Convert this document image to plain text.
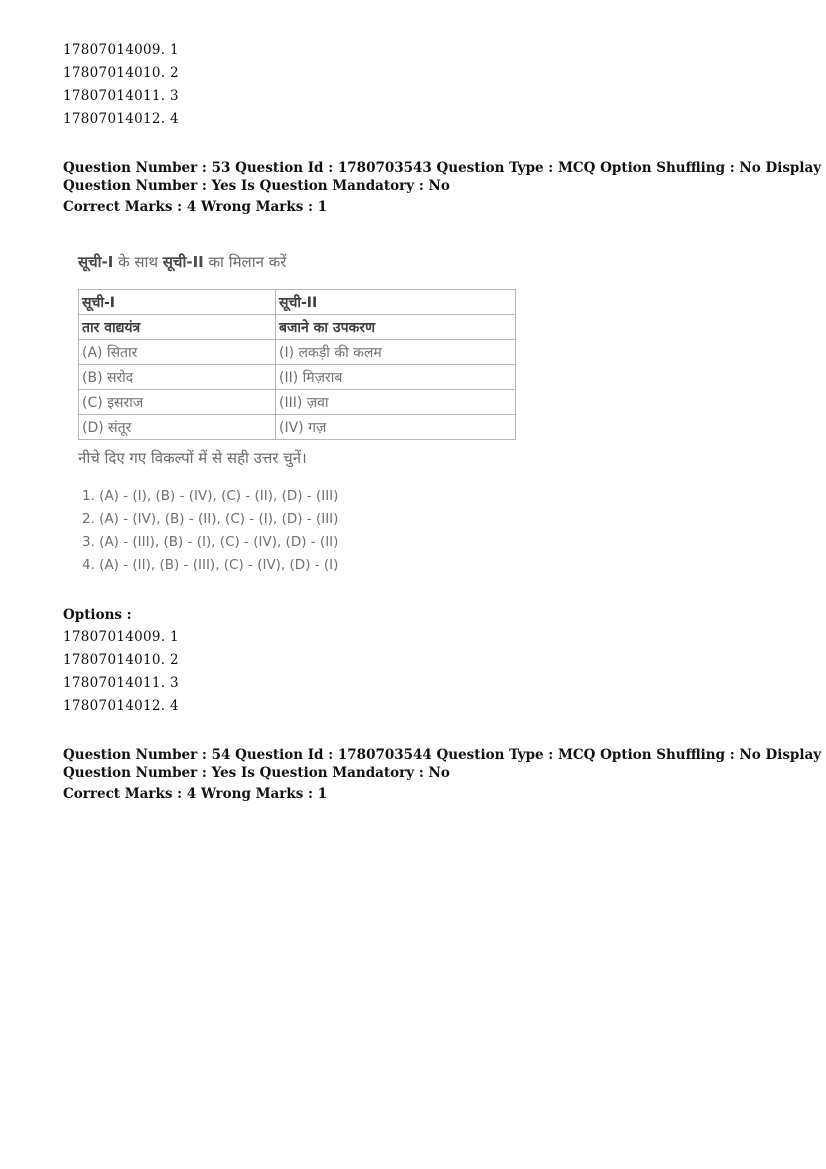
17807014009. 1
17807014010. 2
17807014011. 3
17807014012. 4
Question Number : 53 Question Id : 1780703543 Question Type : MCQ Option Shuffling : No Display
Question Number : Yes Is Question Mandatory : No
Correct Marks : 4 Wrong Marks : 1
सूची-I के साथ सूची-II का मिलान करें
सूची-I	सूची-II
तार वाद्ययंत्र	बजाने का उपकरण
(A) सितार	(I) लकड़ी की कलम
(B) सरोद	(II) मिज़राब
(C) इसराज	(III) ज़वा
(D) संतूर	(IV) गज़
नीचे दिए गए विकल्पों में से सही उत्तर चुनें।
1. (A) - (I), (B) - (IV), (C) - (II), (D) - (III)
2. (A) - (IV), (B) - (II), (C) - (I), (D) - (III)
3. (A) - (III), (B) - (I), (C) - (IV), (D) - (II)
4. (A) - (II), (B) - (III), (C) - (IV), (D) - (I)
Options :
17807014009. 1
17807014010. 2
17807014011. 3
17807014012. 4
Question Number : 54 Question Id : 1780703544 Question Type : MCQ Option Shuffling : No Display
Question Number : Yes Is Question Mandatory : No
Correct Marks : 4 Wrong Marks : 1
